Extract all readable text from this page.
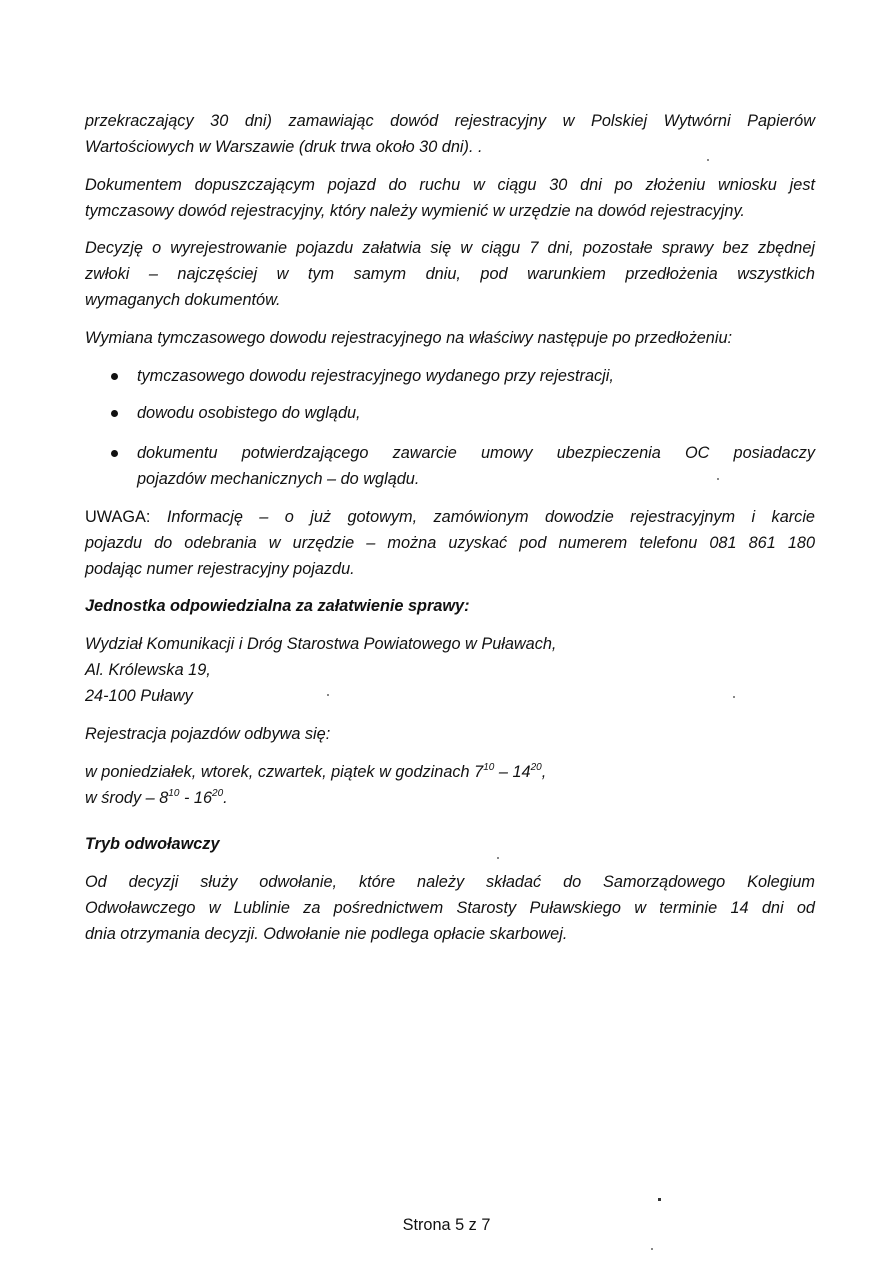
przekraczający 30 dni) zamawiając dowód rejestracyjny w Polskiej Wytwórni Papierów
Wartościowych w Warszawie (druk trwa około 30 dni). .
Dokumentem dopuszczającym pojazd do ruchu w ciągu 30 dni po złożeniu wniosku jest
tymczasowy dowód rejestracyjny, który należy wymienić w urzędzie na dowód rejestracyjny.
Decyzję o wyrejestrowanie pojazdu załatwia się w ciągu 7 dni, pozostałe sprawy bez zbędnej
zwłoki – najczęściej w tym samym dniu, pod warunkiem przedłożenia wszystkich
wymaganych dokumentów.
Wymiana tymczasowego dowodu rejestracyjnego na właściwy następuje po przedłożeniu:
tymczasowego dowodu rejestracyjnego wydanego przy rejestracji,
dowodu osobistego do wglądu,
dokumentu potwierdzającego zawarcie umowy ubezpieczenia OC posiadaczy
pojazdów mechanicznych – do wglądu.
UWAGA: Informację – o już gotowym, zamówionym dowodzie rejestracyjnym i karcie
pojazdu do odebrania w urzędzie – można uzyskać pod numerem telefonu 081 861 180
podając numer rejestracyjny pojazdu.
Jednostka odpowiedzialna za załatwienie sprawy:
Wydział Komunikacji i Dróg Starostwa Powiatowego w Puławach,
Al. Królewska 19,
24-100 Puławy
Rejestracja pojazdów odbywa się:
w poniedziałek, wtorek, czwartek, piątek w godzinach $7^{10} - 14^{20}$,
w środy – $8^{10} - 16^{20}$.
Tryb odwoławczy
Od decyzji służy odwołanie, które należy składać do Samorządowego Kolegium
Odwoławczego w Lublinie za pośrednictwem Starosty Puławskiego w terminie 14 dni od
dnia otrzymania decyzji. Odwołanie nie podlega opłacie skarbowej.
Strona 5 z 7
